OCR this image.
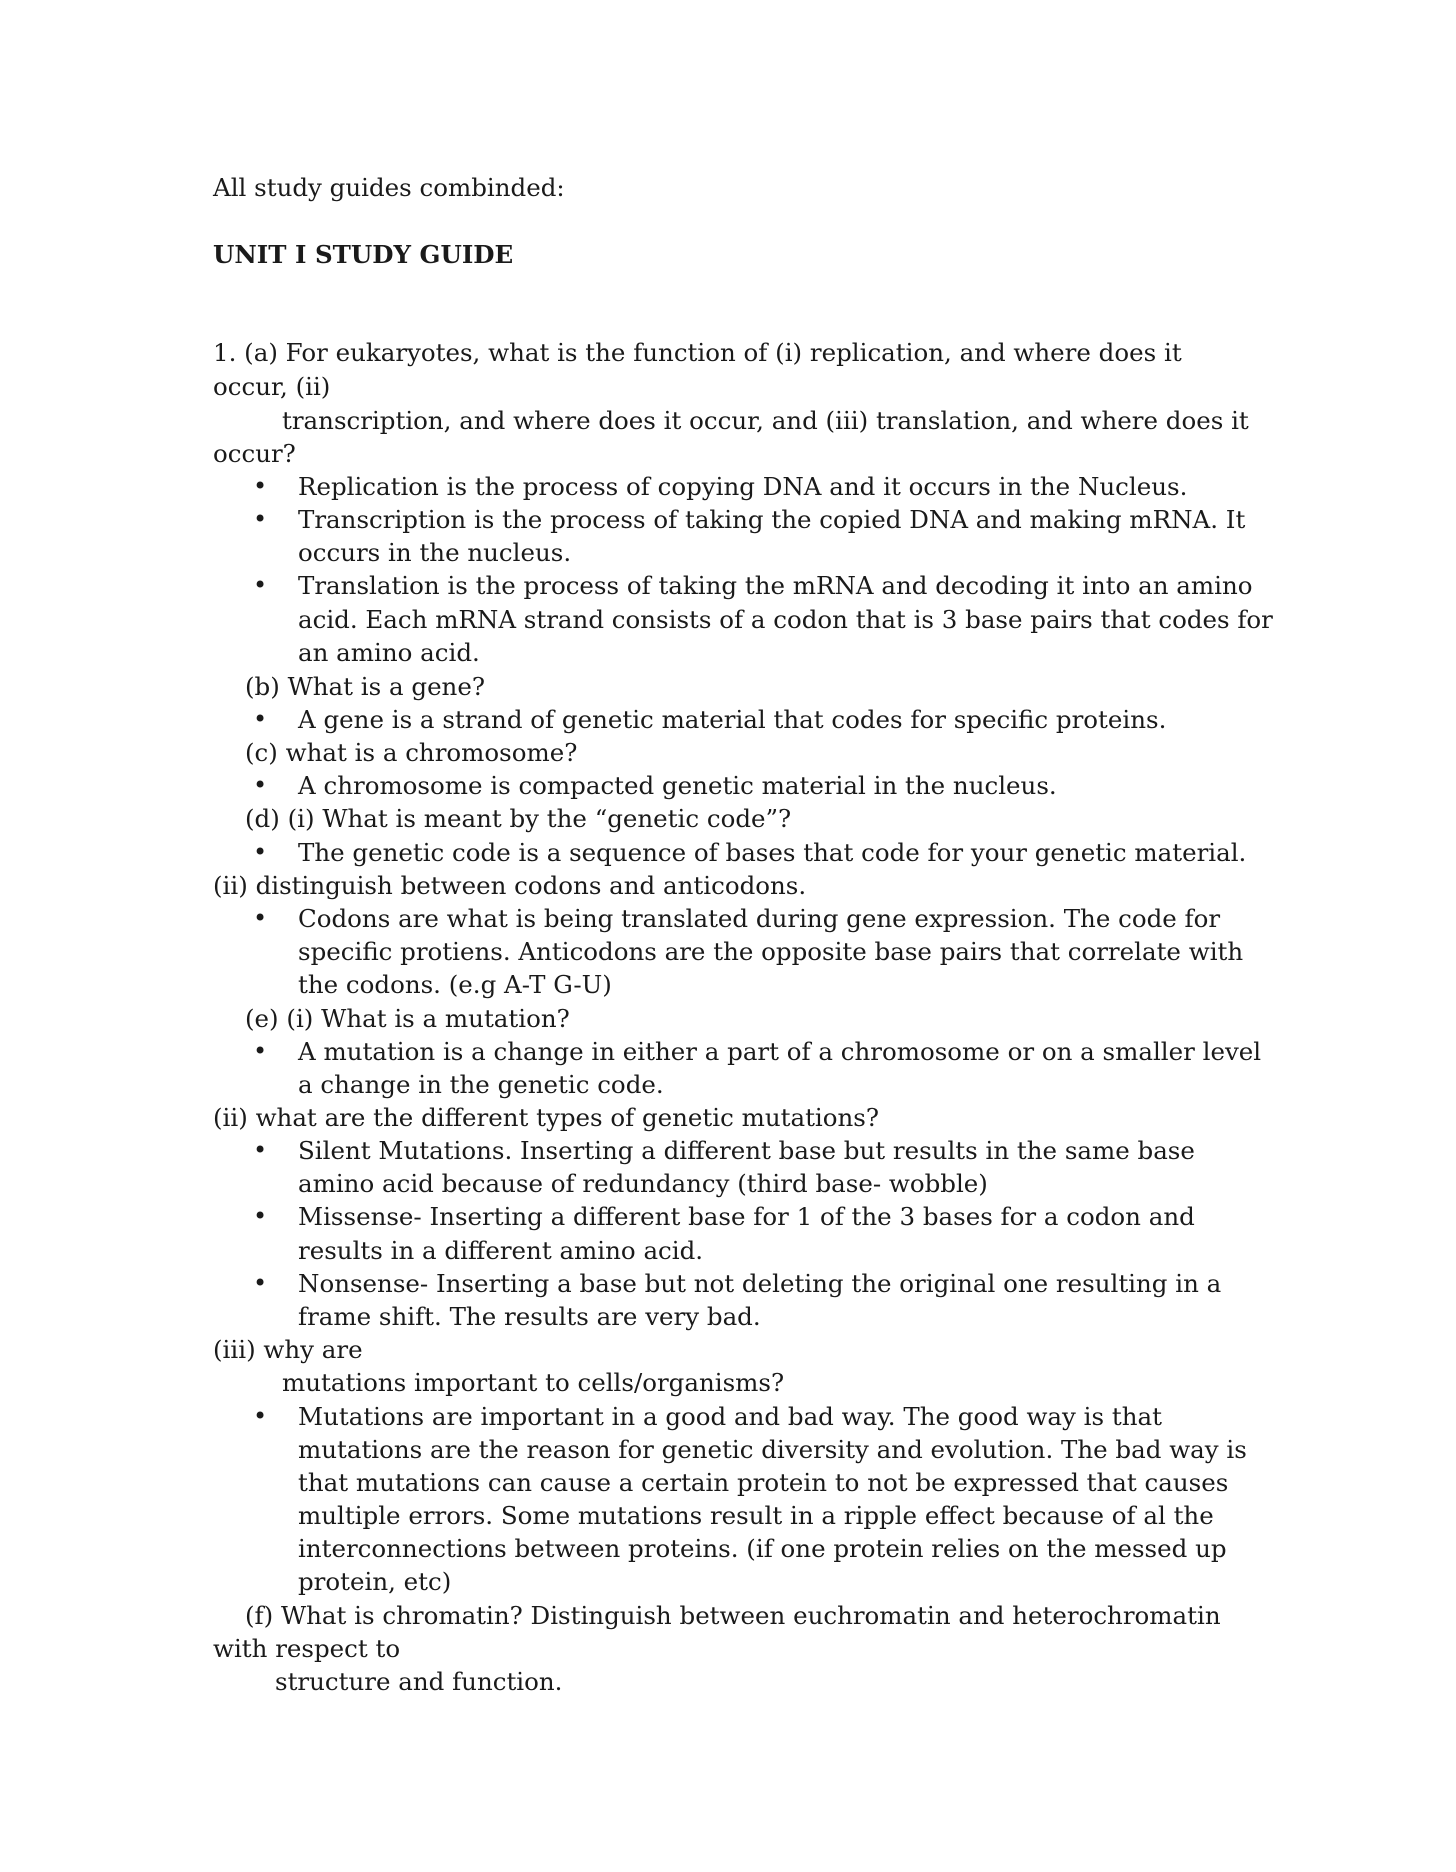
All study guides combinded:
UNIT I STUDY GUIDE
1. (a) For eukaryotes, what is the function of (i) replication, and where does it
occur, (ii)
transcription, and where does it occur, and (iii) translation, and where does it
occur?
• Replication is the process of copying DNA and it occurs in the Nucleus.
• Transcription is the process of taking the copied DNA and making mRNA. It
occurs in the nucleus.
• Translation is the process of taking the mRNA and decoding it into an amino
acid. Each mRNA strand consists of a codon that is 3 base pairs that codes for
an amino acid.
(b) What is a gene?
• A gene is a strand of genetic material that codes for specific proteins.
(c) what is a chromosome?
• A chromosome is compacted genetic material in the nucleus.
(d) (i) What is meant by the “genetic code”?
• The genetic code is a sequence of bases that code for your genetic material.
(ii) distinguish between codons and anticodons.
• Codons are what is being translated during gene expression. The code for
specific protiens. Anticodons are the opposite base pairs that correlate with
the codons. (e.g A-T G-U)
(e) (i) What is a mutation?
• A mutation is a change in either a part of a chromosome or on a smaller level
a change in the genetic code.
(ii) what are the different types of genetic mutations?
• Silent Mutations. Inserting a different base but results in the same base
amino acid because of redundancy (third base- wobble)
• Missense- Inserting a different base for 1 of the 3 bases for a codon and
results in a different amino acid.
• Nonsense- Inserting a base but not deleting the original one resulting in a
frame shift. The results are very bad.
(iii) why are
mutations important to cells/organisms?
• Mutations are important in a good and bad way. The good way is that
mutations are the reason for genetic diversity and evolution. The bad way is
that mutations can cause a certain protein to not be expressed that causes
multiple errors. Some mutations result in a ripple effect because of al the
interconnections between proteins. (if one protein relies on the messed up
protein, etc)
(f) What is chromatin? Distinguish between euchromatin and heterochromatin
with respect to
structure and function.
